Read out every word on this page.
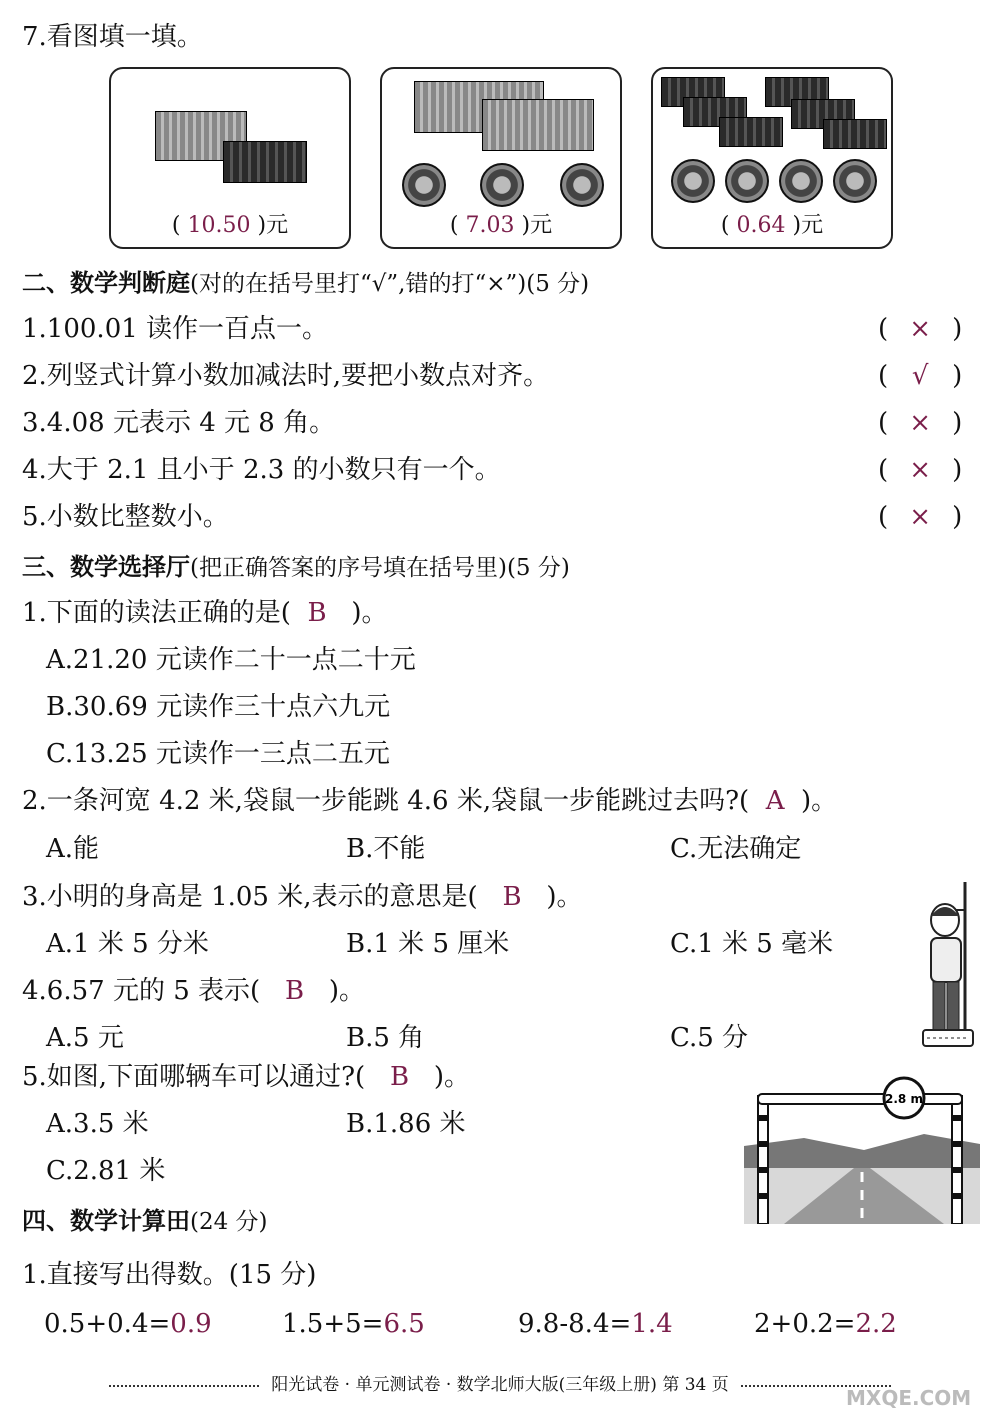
7.看图填一填。
( 10.50 )元	( 7.03 )元	( 0.64 )元
二、数学判断庭(对的在括号里打“√”,错的打“×”)(5 分)
1.100.01 读作一百点一。	( × )
2.列竖式计算小数加减法时,要把小数点对齐。	( √ )
3.4.08 元表示 4 元 8 角。	( × )
4.大于 2.1 且小于 2.3 的小数只有一个。	( × )
5.小数比整数小。	( × )
三、数学选择厅(把正确答案的序号填在括号里)(5 分)
1.下面的读法正确的是( B )。
A.21.20 元读作二十一点二十元
B.30.69 元读作三十点六九元
C.13.25 元读作一三点二五元
2.一条河宽 4.2 米,袋鼠一步能跳 4.6 米,袋鼠一步能跳过去吗?( A )。
A.能	B.不能	C.无法确定
3.小明的身高是 1.05 米,表示的意思是( B )。
A.1 米 5 分米	B.1 米 5 厘米	C.1 米 5 毫米
4.6.57 元的 5 表示( B )。
A.5 元	B.5 角	C.5 分
5.如图,下面哪辆车可以通过?( B )。
A.3.5 米	B.1.86 米
C.2.81 米
2.8 m
四、数学计算田(24 分)
1.直接写出得数。(15 分)
0.5+0.4=0.9	1.5+5=6.5	9.8-8.4=1.4	2+0.2=2.2
阳光试卷 · 单元测试卷 · 数学北师大版(三年级上册) 第 34 页
MXQE.COM
